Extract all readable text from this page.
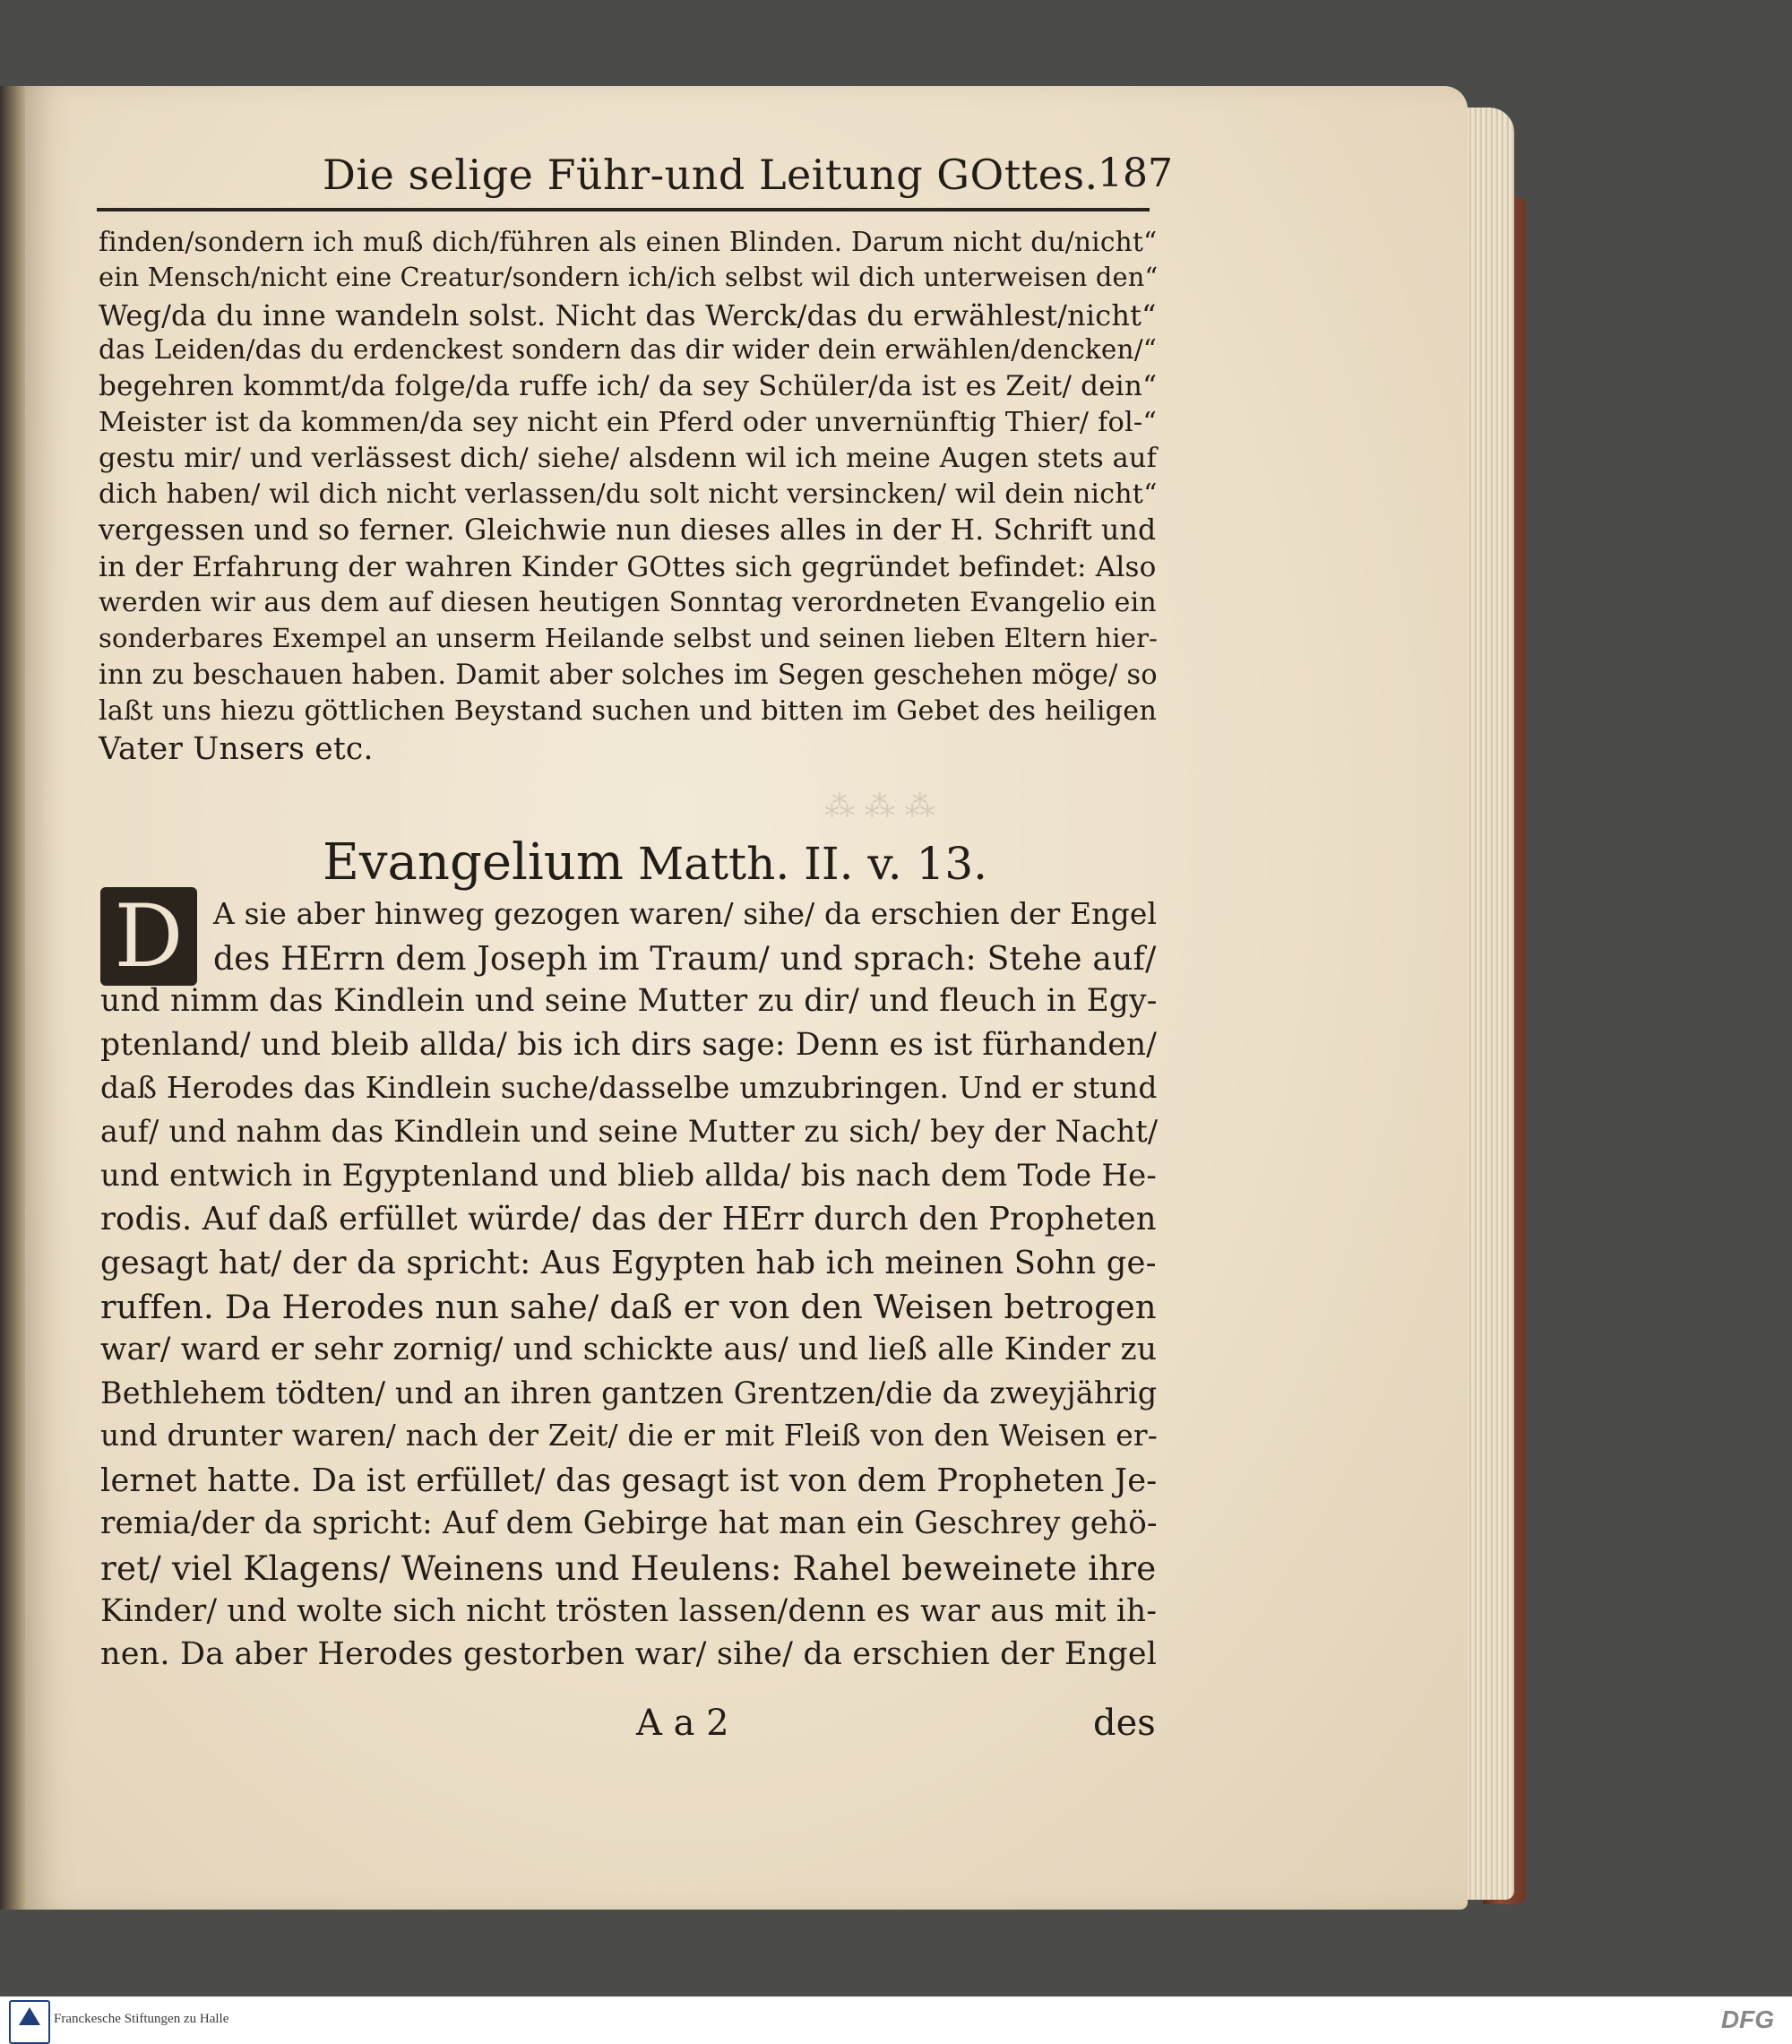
⁂ ⁂ ⁂
Die selige Führ-und Leitung GOttes. 187
finden/sondern ich muß dich/führen als einen Blinden. Darum nicht du/nicht“
ein Mensch/nicht eine Creatur/sondern ich/ich selbst wil dich unterweisen den“
Weg/da du inne wandeln solst. Nicht das Werck/das du erwählest/nicht“
das Leiden/das du erdenckest sondern das dir wider dein erwählen/dencken/“
begehren kommt/da folge/da ruffe ich/ da sey Schüler/da ist es Zeit/ dein“
Meister ist da kommen/da sey nicht ein Pferd oder unvernünftig Thier/ fol-“
gestu mir/ und verlässest dich/ siehe/ alsdenn wil ich meine Augen stets auf
dich haben/ wil dich nicht verlassen/du solt nicht versincken/ wil dein nicht“
vergessen und so ferner. Gleichwie nun dieses alles in der H. Schrift und
in der Erfahrung der wahren Kinder GOttes sich gegründet befindet: Also
werden wir aus dem auf diesen heutigen Sonntag verordneten Evangelio ein
sonderbares Exempel an unserm Heilande selbst und seinen lieben Eltern hier-
inn zu beschauen haben. Damit aber solches im Segen geschehen möge/ so
laßt uns hiezu göttlichen Beystand suchen und bitten im Gebet des heiligen
Vater Unsers etc.
Evangelium Matth. II. v. 13.
D	A sie aber hinweg gezogen waren/ sihe/ da erschien der Engel
des HErrn dem Joseph im Traum/ und sprach: Stehe auf/
und nimm das Kindlein und seine Mutter zu dir/ und fleuch in Egy-
ptenland/ und bleib allda/ bis ich dirs sage: Denn es ist fürhanden/
daß Herodes das Kindlein suche/dasselbe umzubringen. Und er stund
auf/ und nahm das Kindlein und seine Mutter zu sich/ bey der Nacht/
und entwich in Egyptenland und blieb allda/ bis nach dem Tode He-
rodis. Auf daß erfüllet würde/ das der HErr durch den Propheten
gesagt hat/ der da spricht: Aus Egypten hab ich meinen Sohn ge-
ruffen. Da Herodes nun sahe/ daß er von den Weisen betrogen
war/ ward er sehr zornig/ und schickte aus/ und ließ alle Kinder zu
Bethlehem tödten/ und an ihren gantzen Grentzen/die da zweyjährig
und drunter waren/ nach der Zeit/ die er mit Fleiß von den Weisen er-
lernet hatte. Da ist erfüllet/ das gesagt ist von dem Propheten Je-
remia/der da spricht: Auf dem Gebirge hat man ein Geschrey gehö-
ret/ viel Klagens/ Weinens und Heulens: Rahel beweinete ihre
Kinder/ und wolte sich nicht trösten lassen/denn es war aus mit ih-
nen. Da aber Herodes gestorben war/ sihe/ da erschien der Engel
A a 2	des
Franckesche Stiftungen zu Halle	DFG
